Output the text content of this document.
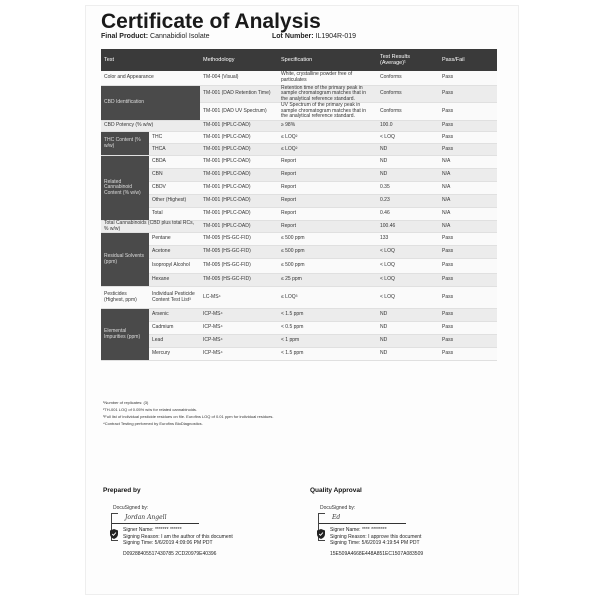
Certificate of Analysis
Final Product: Cannabidiol Isolate	Lot Number: IL1904R-019
Test		Methodology	Specification	Test Results (Average)¹	Pass/Fail
Color and Appearance		TM-004 (Visual)	White, crystalline powder free of particulates	Conforms	Pass
CBD Identification		TM-001 (DAD Retention Time)	Retention time of the primary peak in sample chromatogram matches that in the analytical reference standard.	Conforms	Pass
		TM-001 (DAD UV Spectrum)	UV Spectrum of the primary peak in sample chromatogram matches that in the analytical reference standard.	Conforms	Pass
CBD Potency (% w/w)		TM-001 (HPLC-DAD)	≥ 98%	100.0	Pass
THC Content (% w/w)	THC	TM-001 (HPLC-DAD)	≤ LOQ²	< LOQ	Pass
	THCA	TM-001 (HPLC-DAD)	≤ LOQ²	ND	Pass
Related Cannabinoid Content (% w/w)	CBDA	TM-001 (HPLC-DAD)	Report	ND	N/A
	CBN	TM-001 (HPLC-DAD)	Report	ND	N/A
	CBDV	TM-001 (HPLC-DAD)	Report	0.35	N/A
	Other (Highest)	TM-001 (HPLC-DAD)	Report	0.23	N/A
	Total	TM-001 (HPLC-DAD)	Report	0.46	N/A
Total Cannabinoids (CBD plus total RCs, % w/w)		TM-001 (HPLC-DAD)	Report	100.46	N/A
Residual Solvents (ppm)	Pentane	TM-005 (HS-GC-FID)	≤ 500 ppm	133	Pass
	Acetone	TM-005 (HS-GC-FID)	≤ 500 ppm	< LOQ	Pass
	Isopropyl Alcohol	TM-005 (HS-GC-FID)	≤ 500 ppm	< LOQ	Pass
	Hexane	TM-005 (HS-GC-FID)	≤ 25 ppm	< LOQ	Pass
Pesticides (Highest, ppm)	Individual Pesticide Content Test List³	LC-MS⁴	≤ LOQ³	< LOQ	Pass
Elemental Impurities (ppm)	Arsenic	ICP-MS⁴	< 1.5 ppm	ND	Pass
	Cadmium	ICP-MS⁴	< 0.5 ppm	ND	Pass
	Lead	ICP-MS⁴	< 1 ppm	ND	Pass
	Mercury	ICP-MS⁴	< 1.5 ppm	ND	Pass
¹Number of replicates: (3)
²TH-001 LOQ of 0.05% w/w for related cannabinoids.
³Full list of individual pesticide residues on file. Eurofins LOQ of 0.01 ppm for individual residues.
⁴Contract Testing performed by Eurofins BioDiagnostics.
Prepared by
DocuSigned by:
Jordan Angell
Signer Name: ******* ******
Signing Reason: I am the author of this document
Signing Time: 5/6/2019 4:09:06 PM PDT
D09288405517430785 2CD20979E40396
Quality Approval
DocuSigned by:
Ed
Signer Name: **** ********
Signing Reason: I approve this document
Signing Time: 5/6/2019 4:19:54 PM PDT
15E509A4668E448A851EC1507A083509
